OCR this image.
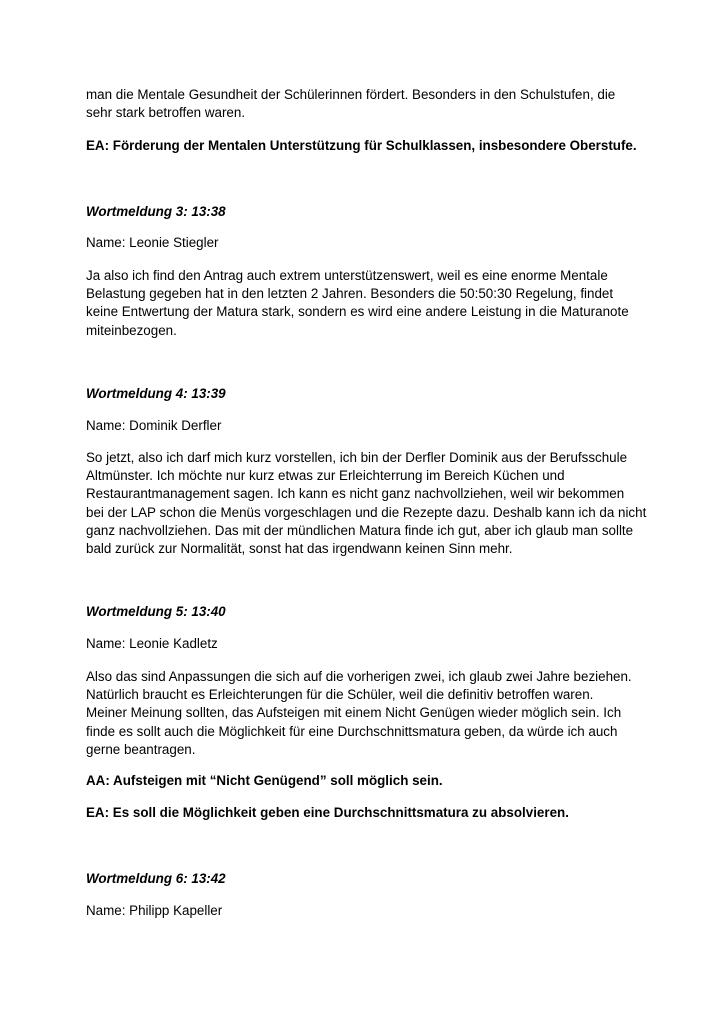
man die Mentale Gesundheit der Schülerinnen fördert. Besonders in den Schulstufen, die
sehr stark betroffen waren.

EA: Förderung der Mentalen Unterstützung für Schulklassen, insbesondere Oberstufe.

Wortmeldung 3: 13:38

Name: Leonie Stiegler

Ja also ich find den Antrag auch extrem unterstützenswert, weil es eine enorme Mentale
Belastung gegeben hat in den letzten 2 Jahren. Besonders die 50:50:30 Regelung, findet
keine Entwertung der Matura stark, sondern es wird eine andere Leistung in die Maturanote
miteinbezogen.

Wortmeldung 4: 13:39

Name: Dominik Derfler

So jetzt, also ich darf mich kurz vorstellen, ich bin der Derfler Dominik aus der Berufsschule
Altmünster. Ich möchte nur kurz etwas zur Erleichterrung im Bereich Küchen und
Restaurantmanagement sagen. Ich kann es nicht ganz nachvollziehen, weil wir bekommen
bei der LAP schon die Menüs vorgeschlagen und die Rezepte dazu. Deshalb kann ich da nicht
ganz nachvollziehen. Das mit der mündlichen Matura finde ich gut, aber ich glaub man sollte
bald zurück zur Normalität, sonst hat das irgendwann keinen Sinn mehr.

Wortmeldung 5: 13:40

Name: Leonie Kadletz

Also das sind Anpassungen die sich auf die vorherigen zwei, ich glaub zwei Jahre beziehen.
Natürlich braucht es Erleichterungen für die Schüler, weil die definitiv betroffen waren.
Meiner Meinung sollten, das Aufsteigen mit einem Nicht Genügen wieder möglich sein. Ich
finde es sollt auch die Möglichkeit für eine Durchschnittsmatura geben, da würde ich auch
gerne beantragen.

AA: Aufsteigen mit “Nicht Genügend” soll möglich sein.

EA: Es soll die Möglichkeit geben eine Durchschnittsmatura zu absolvieren.

Wortmeldung 6: 13:42

Name: Philipp Kapeller
